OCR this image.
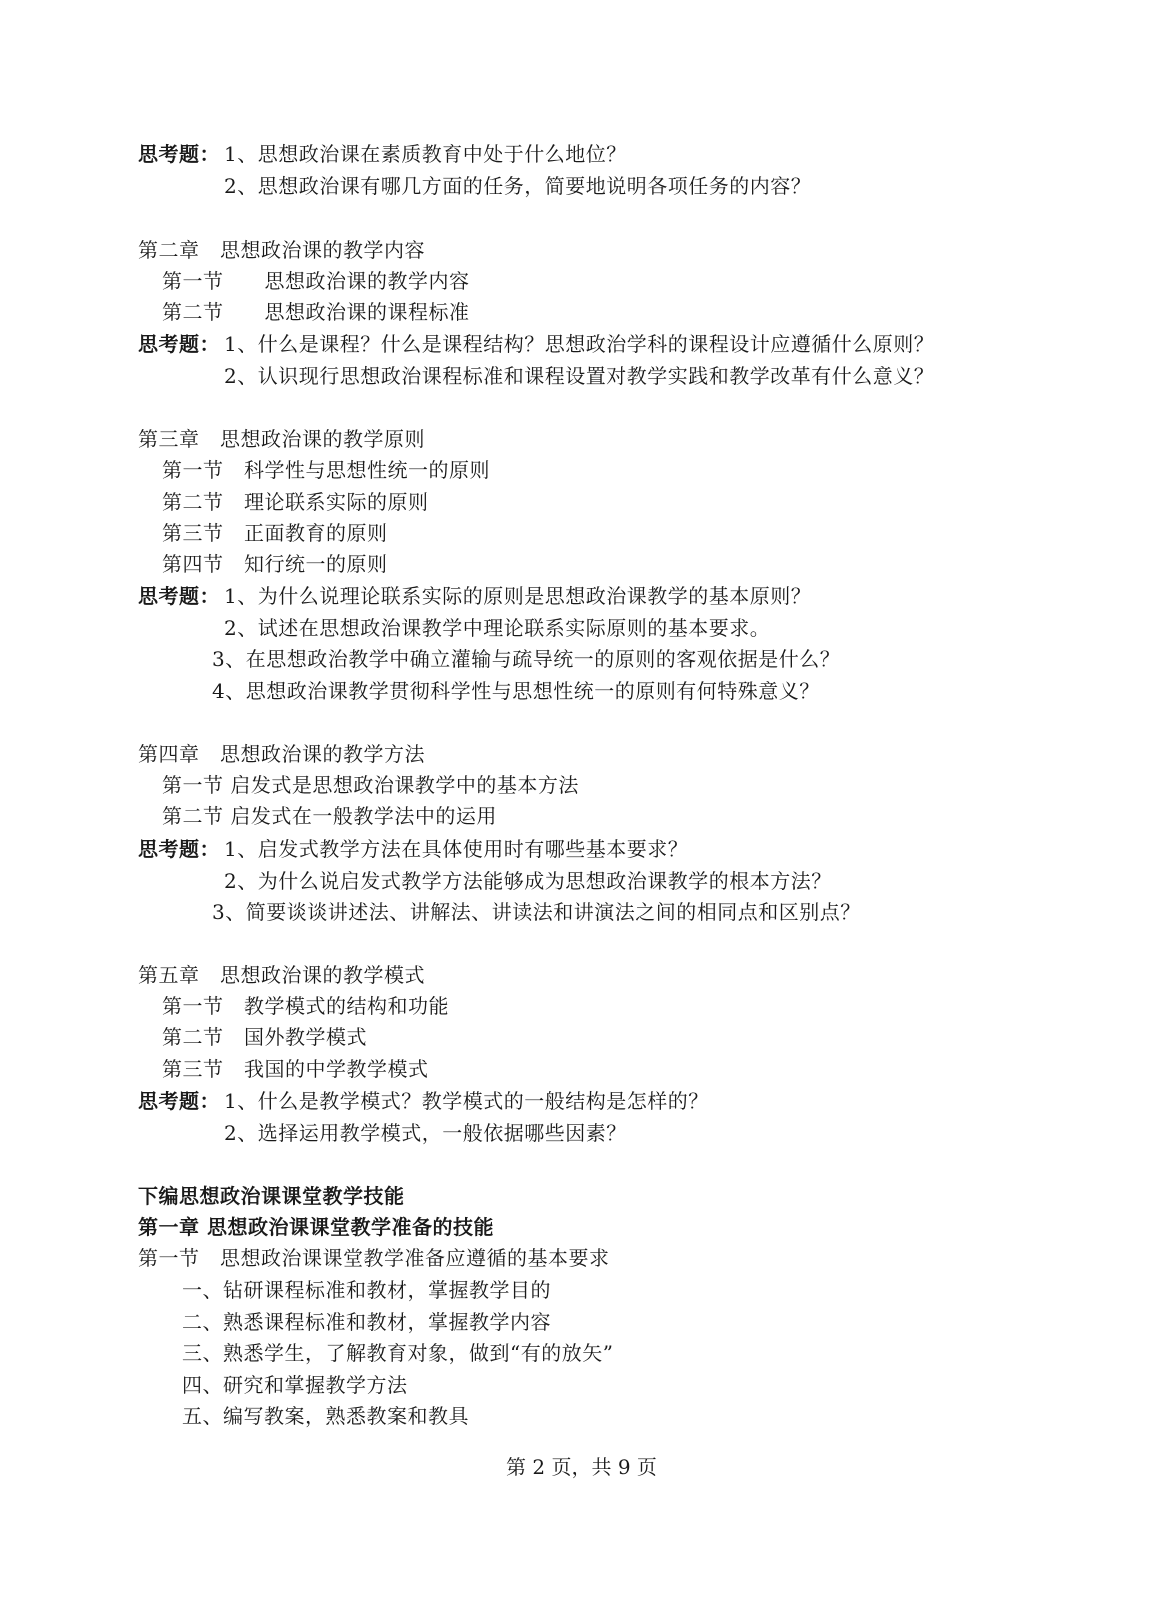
思考题： 1、思想政治课在素质教育中处于什么地位？
2、思想政治课有哪几方面的任务，简要地说明各项任务的内容？
第二章　思想政治课的教学内容
第一节　　思想政治课的教学内容
第二节　　思想政治课的课程标准
思考题： 1、什么是课程？什么是课程结构？思想政治学科的课程设计应遵循什么原则？
2、认识现行思想政治课程标准和课程设置对教学实践和教学改革有什么意义？
第三章　思想政治课的教学原则
第一节　科学性与思想性统一的原则
第二节　理论联系实际的原则
第三节　正面教育的原则
第四节　知行统一的原则
思考题： 1、为什么说理论联系实际的原则是思想政治课教学的基本原则？
2、试述在思想政治课教学中理论联系实际原则的基本要求。
3、在思想政治教学中确立灌输与疏导统一的原则的客观依据是什么？
4、思想政治课教学贯彻科学性与思想性统一的原则有何特殊意义？
第四章　思想政治课的教学方法
第一节 启发式是思想政治课教学中的基本方法
第二节 启发式在一般教学法中的运用
思考题： 1、启发式教学方法在具体使用时有哪些基本要求？
2、为什么说启发式教学方法能够成为思想政治课教学的根本方法？
3、简要谈谈讲述法、讲解法、讲读法和讲演法之间的相同点和区别点？
第五章　思想政治课的教学模式
第一节　教学模式的结构和功能
第二节　国外教学模式
第三节　我国的中学教学模式
思考题： 1、什么是教学模式？教学模式的一般结构是怎样的？
2、选择运用教学模式，一般依据哪些因素？
下编思想政治课课堂教学技能
第一章 思想政治课课堂教学准备的技能
第一节　思想政治课课堂教学准备应遵循的基本要求
一、钻研课程标准和教材，掌握教学目的
二、熟悉课程标准和教材，掌握教学内容
三、熟悉学生，了解教育对象，做到“有的放矢”
四、研究和掌握教学方法
五、编写教案，熟悉教案和教具
第 2 页，共 9 页
